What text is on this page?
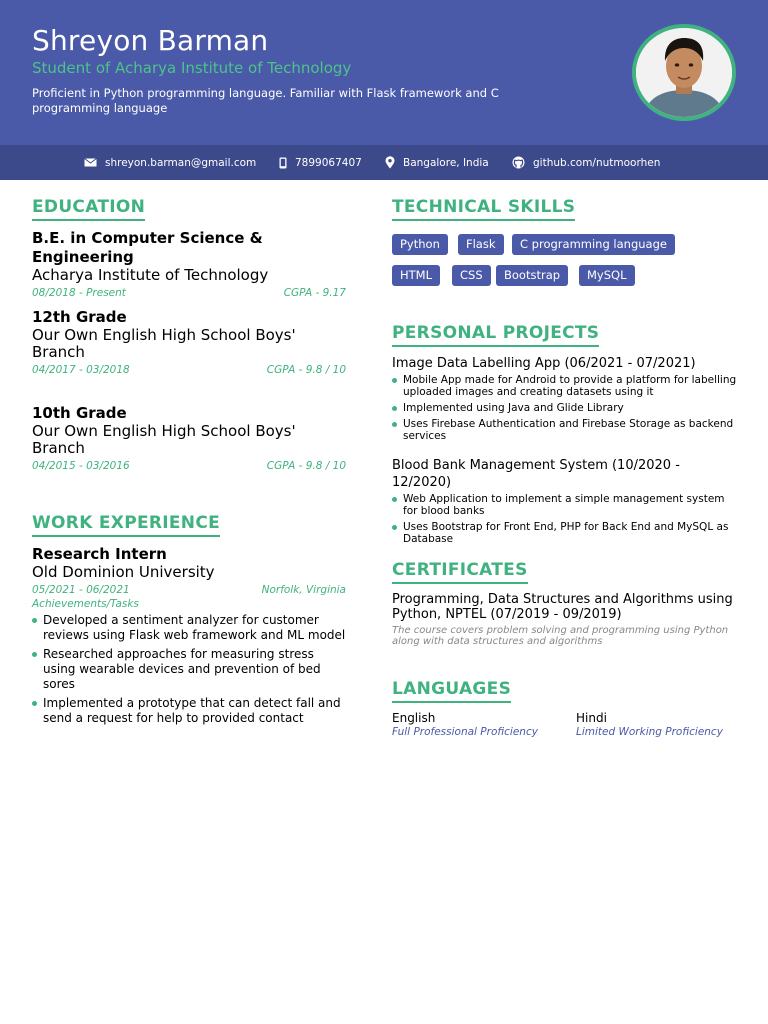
Shreyon Barman
Student of Acharya Institute of Technology
Proficient in Python programming language. Familiar with Flask framework and C programming language
shreyon.barman@gmail.com	7899067407	Bangalore, India	github.com/nutmoorhen
EDUCATION
B.E. in Computer Science & Engineering
Acharya Institute of Technology
08/2018 - Present	CGPA - 9.17
12th Grade
Our Own English High School Boys' Branch
04/2017 - 03/2018	CGPA - 9.8 / 10
10th Grade
Our Own English High School Boys' Branch
04/2015 - 03/2016	CGPA - 9.8 / 10
WORK EXPERIENCE
Research Intern
Old Dominion University
05/2021 - 06/2021	Norfolk, Virginia
Achievements/Tasks
Developed a sentiment analyzer for customer reviews using Flask web framework and ML model
Researched approaches for measuring stress using wearable devices and prevention of bed sores
Implemented a prototype that can detect fall and send a request for help to provided contact
TECHNICAL SKILLS
Python	Flask	C programming language
HTML	CSS	Bootstrap	MySQL
PERSONAL PROJECTS
Image Data Labelling App (06/2021 - 07/2021)
Mobile App made for Android to provide a platform for labelling uploaded images and creating datasets using it
Implemented using Java and Glide Library
Uses Firebase Authentication and Firebase Storage as backend services
Blood Bank Management System (10/2020 - 12/2020)
Web Application to implement a simple management system for blood banks
Uses Bootstrap for Front End, PHP for Back End and MySQL as Database
CERTIFICATES
Programming, Data Structures and Algorithms using Python, NPTEL (07/2019 - 09/2019)
The course covers problem solving and programming using Python along with data structures and algorithms
LANGUAGES
English
Full Professional Proficiency
Hindi
Limited Working Proficiency
